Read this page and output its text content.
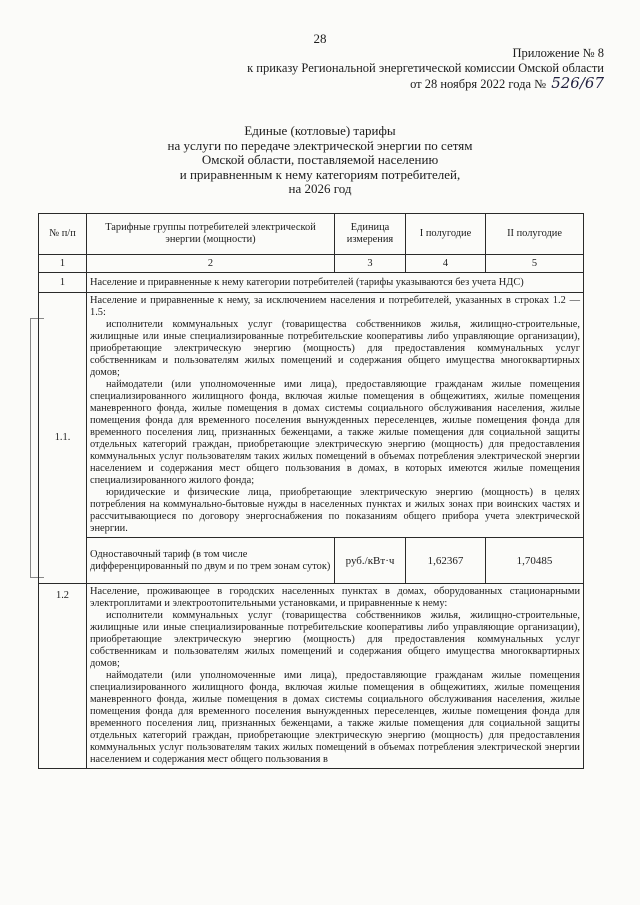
28
Приложение № 8
к приказу Региональной энергетической комиссии Омской области
от 28 ноября 2022 года № 526/67
Единые (котловые) тарифы
на услуги по передаче электрической энергии по сетям
Омской области, поставляемой населению
и приравненным к нему категориям потребителей,
на 2026 год
№ п/п	Тарифные группы потребителей электрической энергии (мощности)	Единица измерения	I полугодие	II полугодие
1	2	3	4	5
1	Население и приравненные к нему категории потребителей (тарифы указываются без учета НДС)			
1.1.	Население и приравненные к нему, за исключением населения и потребителей, указанных в строках 1.2 — 1.5:

исполнители коммунальных услуг (товарищества собственников жилья, жилищно-строительные, жилищные или иные специализированные потребительские кооперативы либо управляющие организации), приобретающие электрическую энергию (мощность) для предоставления коммунальных услуг собственникам и пользователям жилых помещений и содержания общего имущества многоквартирных домов;

наймодатели (или уполномоченные ими лица), предоставляющие гражданам жилые помещения специализированного жилищного фонда, включая жилые помещения в общежитиях, жилые помещения маневренного фонда, жилые помещения в домах системы социального обслуживания населения, жилые помещения фонда для временного поселения вынужденных переселенцев, жилые помещения фонда для временного поселения лиц, признанных беженцами, а также жилые помещения для социальной защиты отдельных категорий граждан, приобретающие электрическую энергию (мощность) для предоставления коммунальных услуг пользователям таких жилых помещений в объемах потребления электрической энергии населением и содержания мест общего пользования в домах, в которых имеются жилые помещения специализированного жилого фонда;

юридические и физические лица, приобретающие электрическую энергию (мощность) в целях потребления на коммунально-бытовые нужды в населенных пунктах и жилых зонах при воинских частях и рассчитывающиеся по договору энергоснабжения по показаниям общего прибора учета электрической энергии.			

	Одноставочный тариф (в том числе дифференцированный по двум и по трем зонам суток)	руб./кВт·ч	1,62367	1,70485
1.2	Население, проживающее в городских населенных пунктах в домах, оборудованных стационарными электроплитами и электроотопительными установками, и приравненные к нему:

исполнители коммунальных услуг (товарищества собственников жилья, жилищно-строительные, жилищные или иные специализированные потребительские кооперативы либо управляющие организации), приобретающие электрическую энергию (мощность) для предоставления коммунальных услуг собственникам и пользователям жилых помещений и содержания общего имущества многоквартирных домов;

наймодатели (или уполномоченные ими лица), предоставляющие гражданам жилые помещения специализированного жилищного фонда, включая жилые помещения в общежитиях, жилые помещения маневренного фонда, жилые помещения в домах системы социального обслуживания населения, жилые помещения фонда для временного поселения вынужденных переселенцев, жилые помещения фонда для временного поселения лиц, признанных беженцами, а также жилые помещения для социальной защиты отдельных категорий граждан, приобретающие электрическую энергию (мощность) для предоставления коммунальных услуг пользователям таких жилых помещений в объемах потребления электрической энергии населением и содержания мест общего пользования в			
